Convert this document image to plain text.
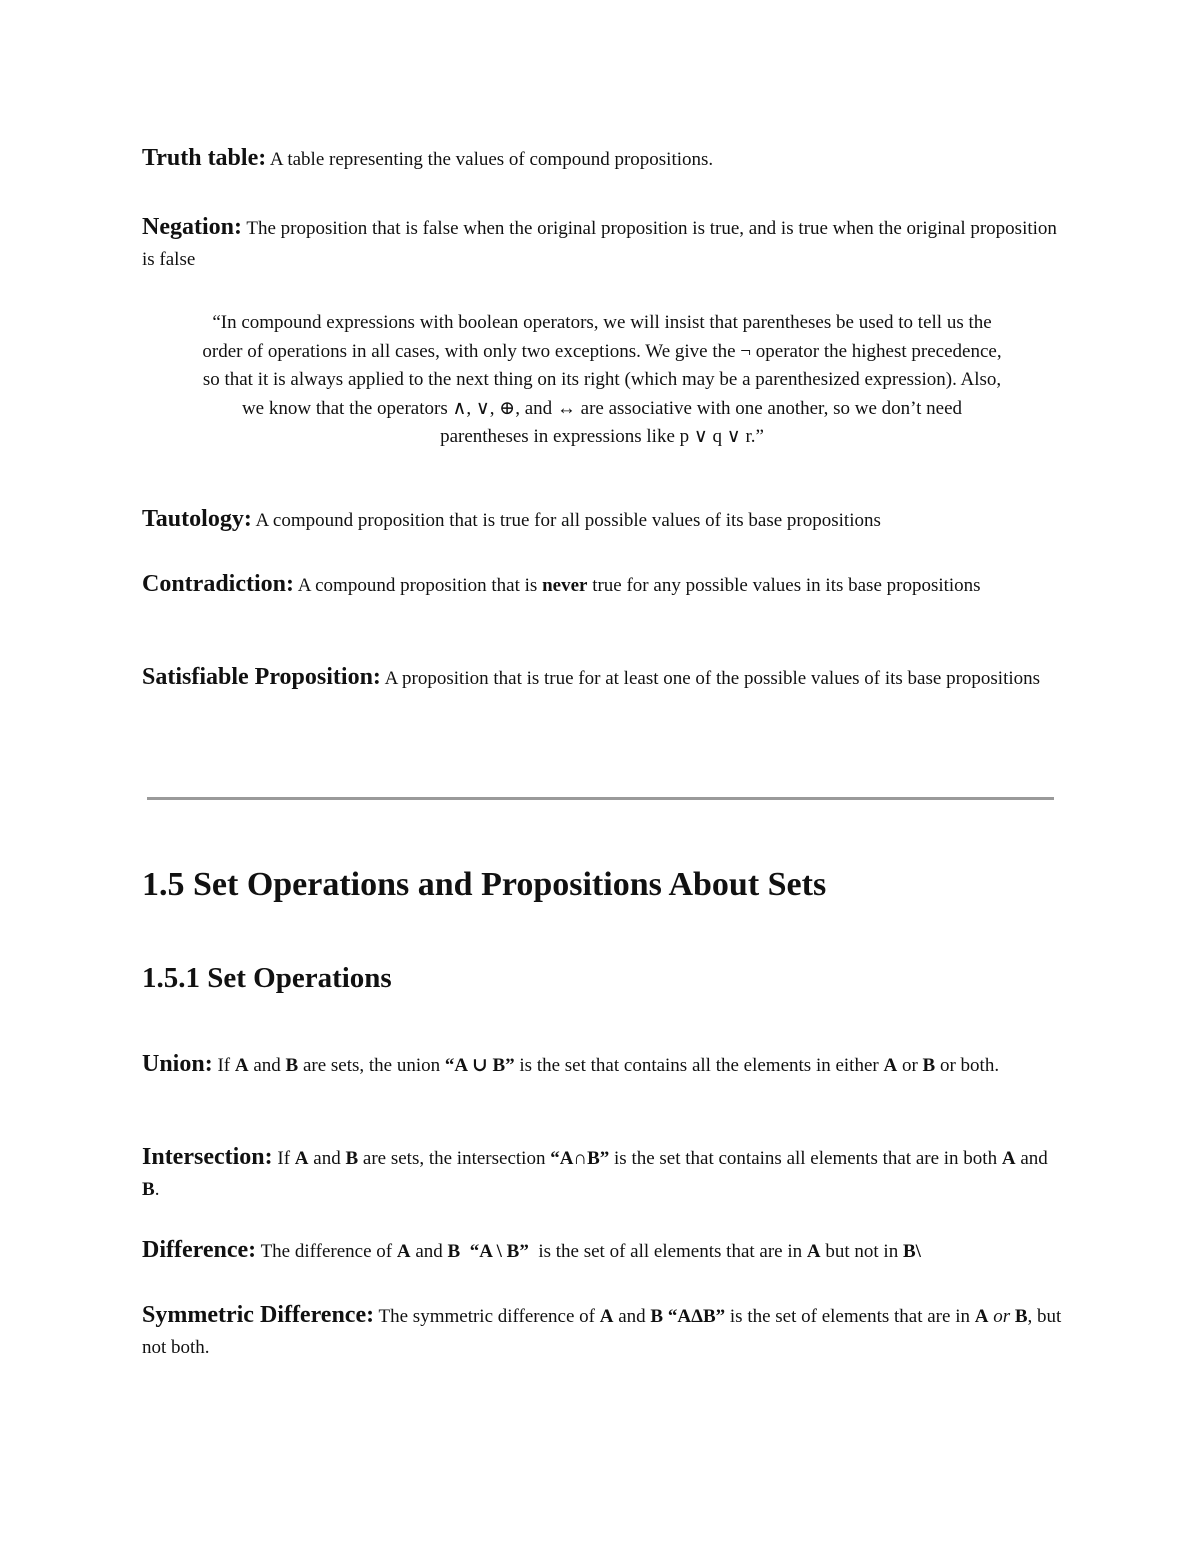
Truth table: A table representing the values of compound propositions.
Negation: The proposition that is false when the original proposition is true, and is true when the original proposition is false
“In compound expressions with boolean operators, we will insist that parentheses be used to tell us the
order of operations in all cases, with only two exceptions. We give the ¬ operator the highest precedence,
so that it is always applied to the next thing on its right (which may be a parenthesized expression). Also,
we know that the operators ∧, ∨, ⊕, and ↔ are associative with one another, so we don’t need
parentheses in expressions like p ∨ q ∨ r.”
Tautology: A compound proposition that is true for all possible values of its base propositions
Contradiction: A compound proposition that is never true for any possible values in its base propositions
Satisfiable Proposition: A proposition that is true for at least one of the possible values of its base propositions
1.5 Set Operations and Propositions About Sets
1.5.1 Set Operations
Union: If A and B are sets, the union “A ∪ B” is the set that contains all the elements in either A or B or both.
Intersection: If A and B are sets, the intersection “A∩B” is the set that contains all elements that are in both A and B.
Difference: The difference of A and B “A \ B”  is the set of all elements that are in A but not in B\
Symmetric Difference: The symmetric difference of A and B “AΔB” is the set of elements that are in A or B, but not both.
